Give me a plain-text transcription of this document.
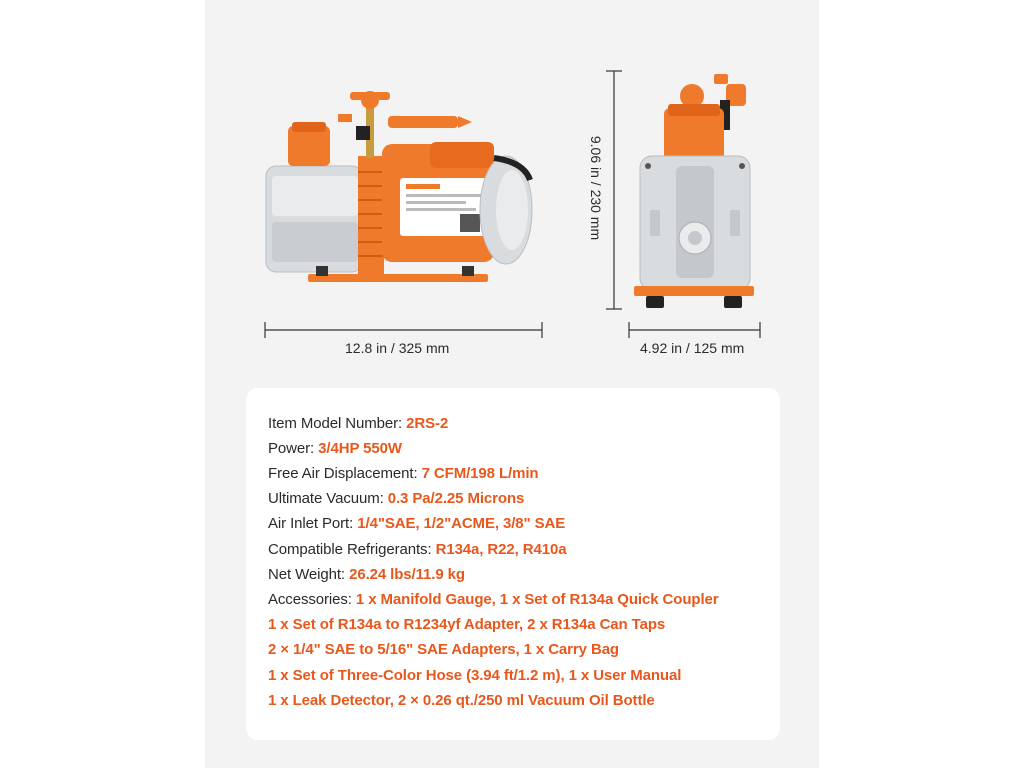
12.8 in / 325 mm	4.92 in / 125 mm
9.06 in / 230 mm
Item Model Number: 2RS-2
Power: 3/4HP 550W
Free Air Displacement: 7 CFM/198 L/min
Ultimate Vacuum: 0.3 Pa/2.25 Microns
Air Inlet Port: 1/4"SAE, 1/2"ACME, 3/8" SAE
Compatible Refrigerants: R134a, R22, R410a
Net Weight: 26.24 lbs/11.9 kg
Accessories: 1 x Manifold Gauge, 1 x Set of R134a Quick Coupler
1 x Set of R134a to R1234yf Adapter, 2 x R134a Can Taps
2 × 1/4" SAE to 5/16" SAE Adapters, 1 x Carry Bag
1 x Set of Three-Color Hose (3.94 ft/1.2 m), 1 x User Manual
1 x Leak Detector, 2 × 0.26 qt./250 ml Vacuum Oil Bottle
